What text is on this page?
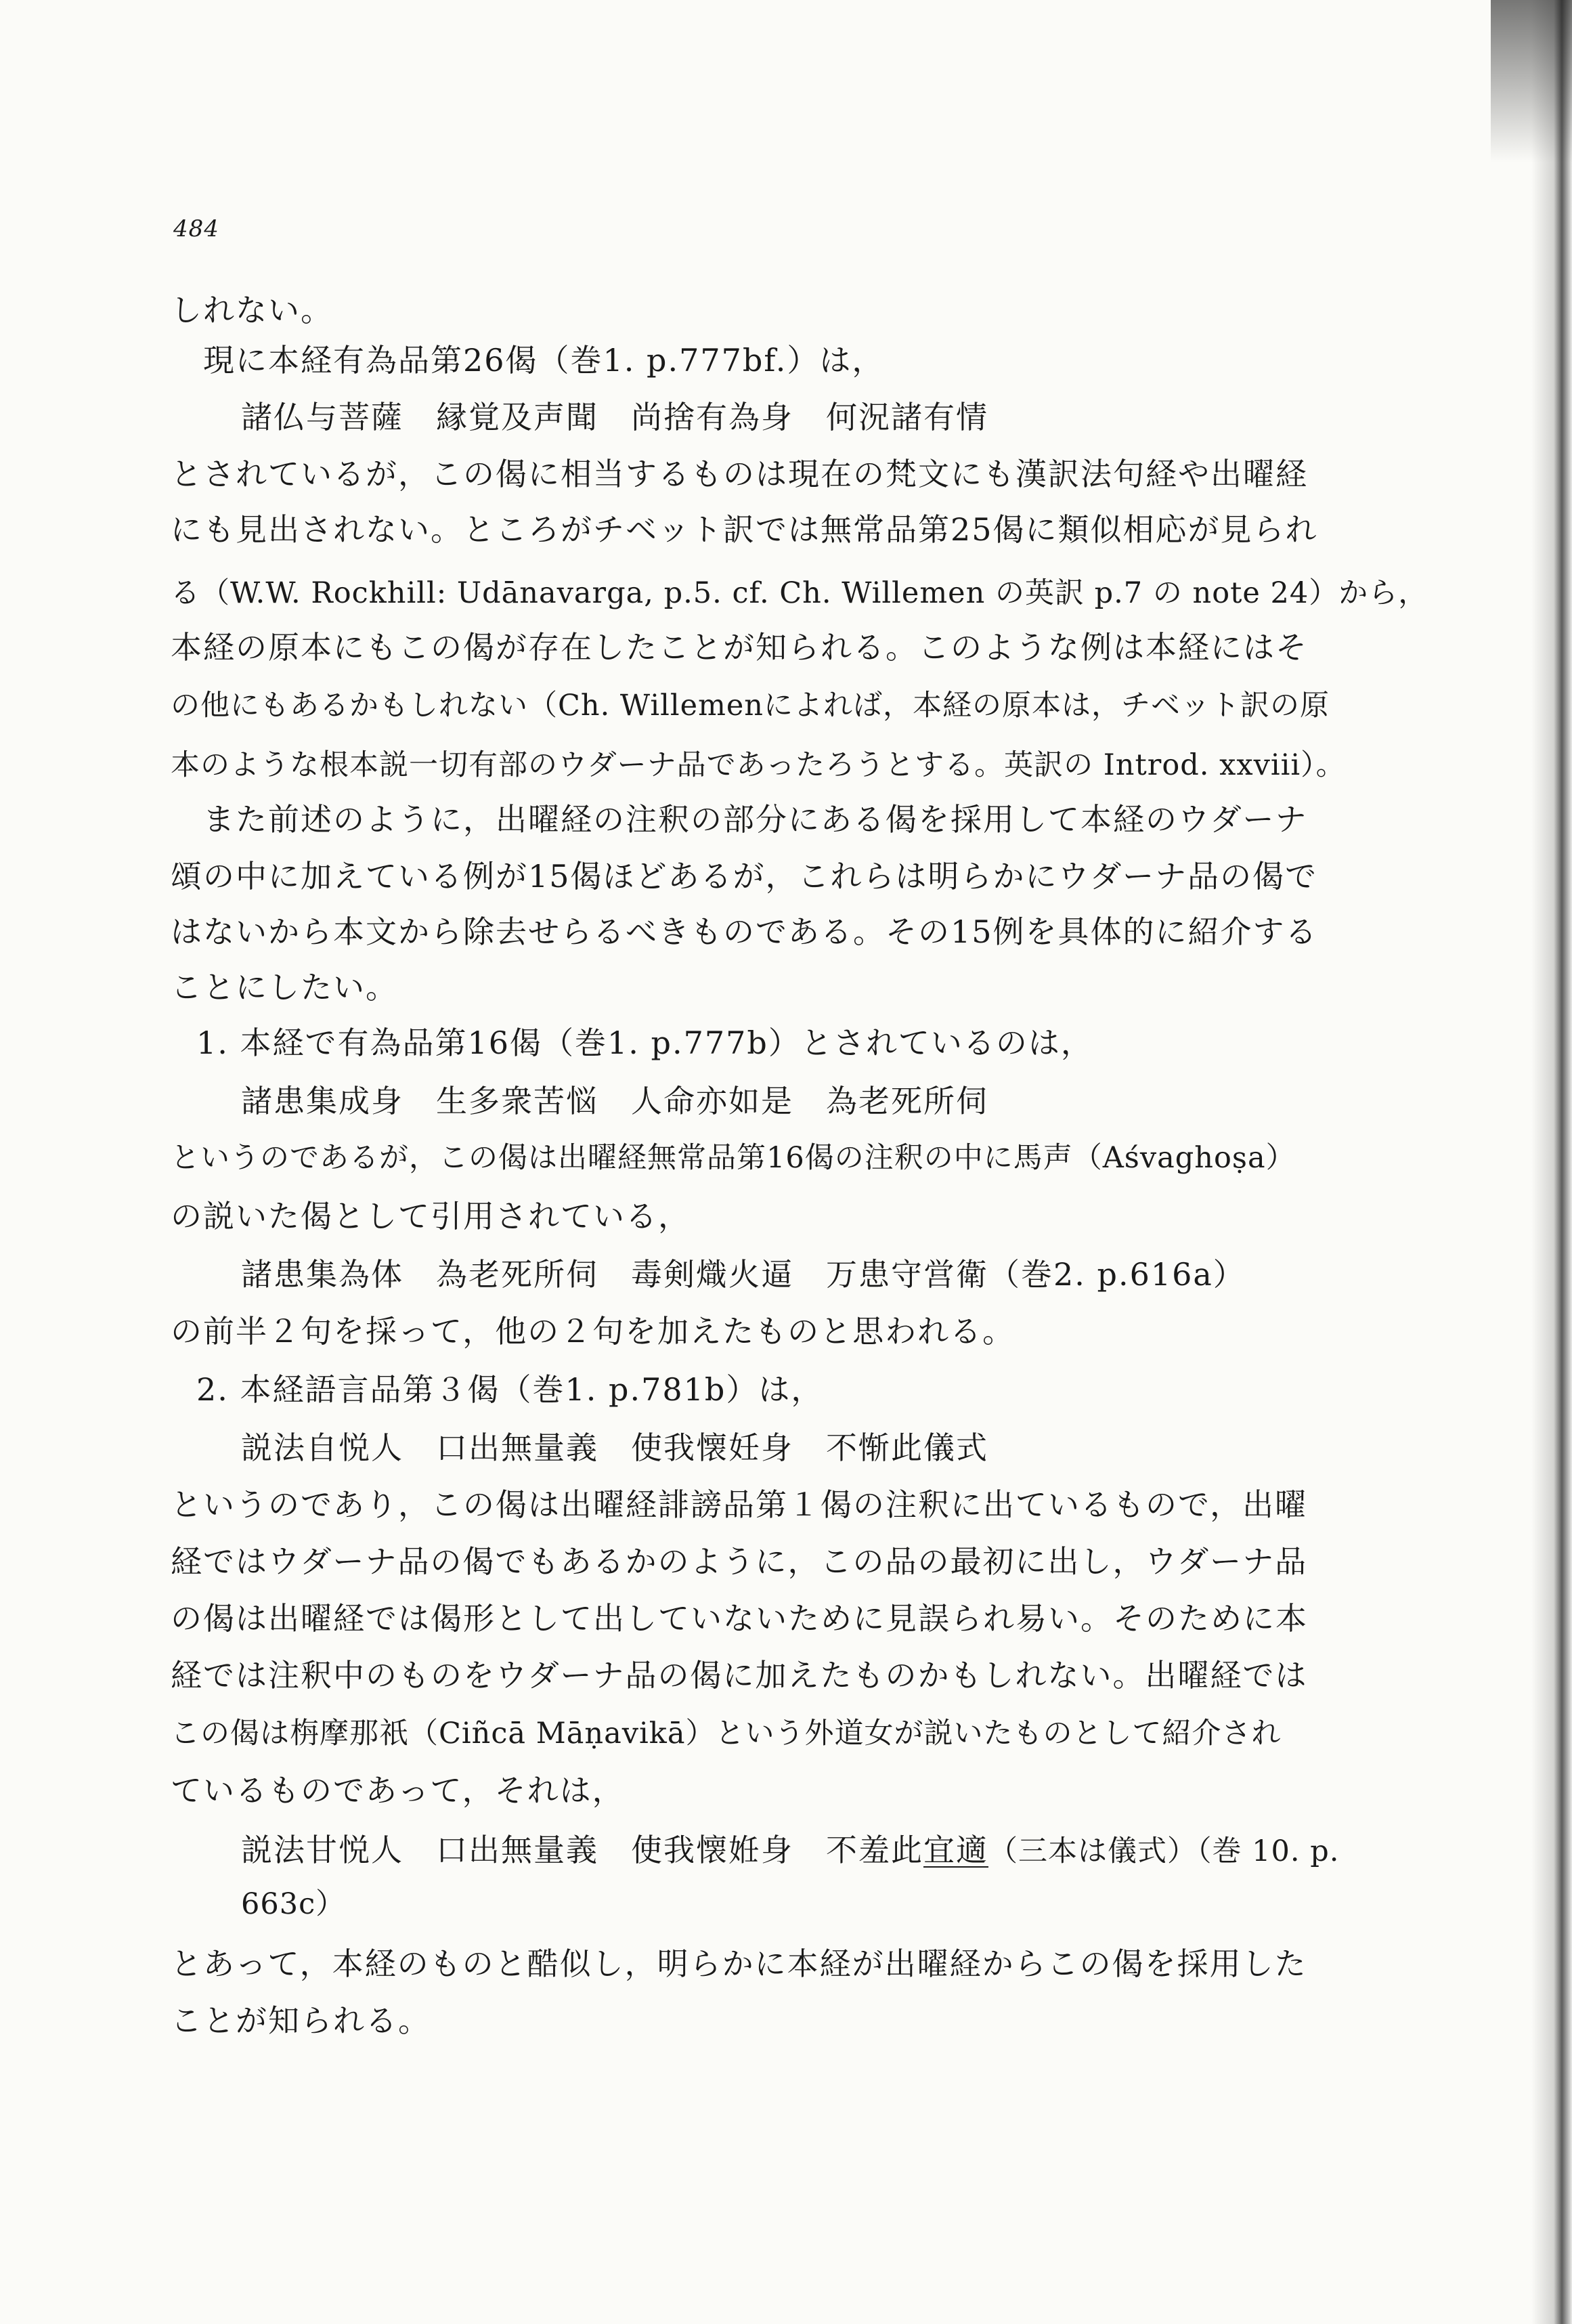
484
しれない。
現に本経有為品第26偈（巻1. p.777bf.）は，
諸仏与菩薩　縁覚及声聞　尚捨有為身　何況諸有情
とされているが，この偈に相当するものは現在の梵文にも漢訳法句経や出曜経
にも見出されない。ところがチベット訳では無常品第25偈に類似相応が見られ
る（W.W. Rockhill: Udānavarga, p.5. cf. Ch. Willemen の英訳 p.7 の note 24）から，
本経の原本にもこの偈が存在したことが知られる。このような例は本経にはそ
の他にもあるかもしれない（Ch. Willemenによれば，本経の原本は，チベット訳の原
本のような根本説一切有部のウダーナ品であったろうとする。英訳の Introd. xxviii）。
また前述のように，出曜経の注釈の部分にある偈を採用して本経のウダーナ
頌の中に加えている例が15偈ほどあるが，これらは明らかにウダーナ品の偈で
はないから本文から除去せらるべきものである。その15例を具体的に紹介する
ことにしたい。
1. 本経で有為品第16偈（巻1. p.777b）とされているのは，
諸患集成身　生多衆苦悩　人命亦如是　為老死所伺
というのであるが，この偈は出曜経無常品第16偈の注釈の中に馬声（Aśvaghoṣa）
の説いた偈として引用されている，
諸患集為体　為老死所伺　毒剣熾火逼　万患守営衛（巻2. p.616a）
の前半２句を採って，他の２句を加えたものと思われる。
2. 本経語言品第３偈（巻1. p.781b）は，
説法自悦人　口出無量義　使我懐妊身　不惭此儀式
というのであり，この偈は出曜経誹謗品第１偈の注釈に出ているもので，出曜
経ではウダーナ品の偈でもあるかのように，この品の最初に出し，ウダーナ品
の偈は出曜経では偈形として出していないために見誤られ易い。そのために本
経では注釈中のものをウダーナ品の偈に加えたものかもしれない。出曜経では
この偈は栴摩那祇（Ciñcā Māṇavikā）という外道女が説いたものとして紹介され
ているものであって，それは，
説法甘悦人　口出無量義　使我懐姙身　不羞此宜適（三本は儀式）（巻 10. p.
663c）
とあって，本経のものと酷似し，明らかに本経が出曜経からこの偈を採用した
ことが知られる。
